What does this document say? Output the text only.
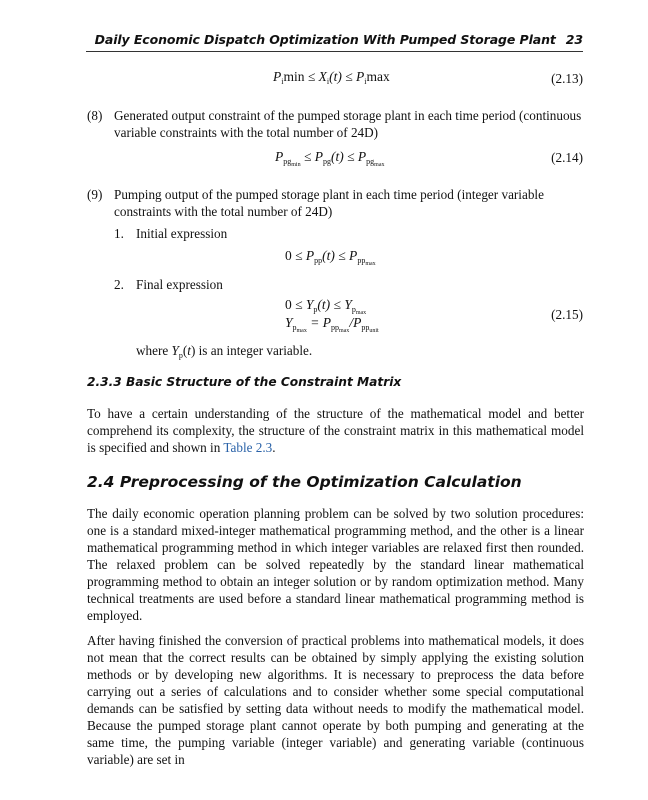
Daily Economic Dispatch Optimization With Pumped Storage Plant 23
$P_i\min \le X_i(t) \le P_i\max$	(2.13)
(8) Generated output constraint of the pumped storage plant in each time period (continuous variable constraints with the total number of 24D)
$P_{pg_{min}} \le P_{pg}(t) \le P_{pg_{max}}$	(2.14)
(9) Pumping output of the pumped storage plant in each time period (integer variable constraints with the total number of 24D)
1. Initial expression
$0 \le P_{pp}(t) \le P_{pp_{max}}$
2. Final expression
$0 \le Y_p(t) \le Y_{p_{max}}$
$Y_{p_{max}} = P_{pp_{max}}/P_{pp_{unit}}$
(2.15)
where $Y_p(t)$ is an integer variable.
2.3.3 Basic Structure of the Constraint Matrix
To have a certain understanding of the structure of the mathematical model and better comprehend its complexity, the structure of the constraint matrix in this mathematical model is specified and shown in Table 2.3.
2.4 Preprocessing of the Optimization Calculation
The daily economic operation planning problem can be solved by two solution procedures: one is a standard mixed-integer mathematical programming method, and the other is a linear mathematical programming method in which integer variables are relaxed first then rounded. The relaxed problem can be solved repeatedly by the standard linear mathematical programming method to obtain an integer solution or by random optimization method. Many technical treatments are used before a standard linear mathematical programming method is employed.
After having finished the conversion of practical problems into mathematical models, it does not mean that the correct results can be obtained by simply applying the existing solution methods or by developing new algorithms. It is necessary to preprocess the data before carrying out a series of calculations and to consider whether some special computational demands can be satisfied by setting data without needs to modify the mathematical model. Because the pumped storage plant cannot operate by both pumping and generating at the same time, the pumping variable (integer variable) and generating variable (continuous variable) are set in
